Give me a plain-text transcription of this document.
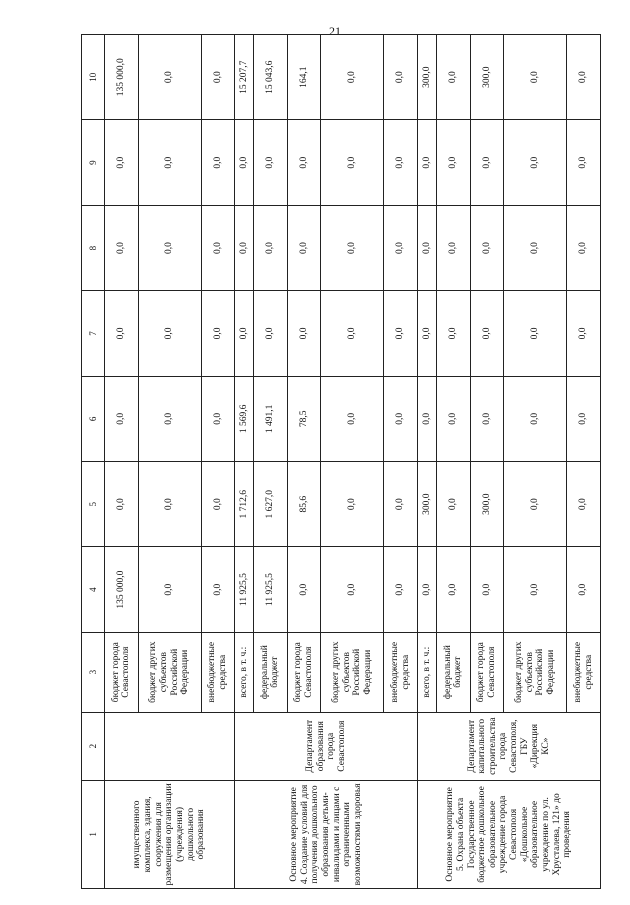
21
1	2	3	4	5	6	7	8	9	10
имущественного комплекса, здания, сооружения для размещения организации (учреждения) дошкольного образования		бюджет города Севастополя	135 000,0	0,0	0,0	0,0	0,0	0,0	135 000,0
		бюджет других субъектов Российской Федерации	0,0	0,0	0,0	0,0	0,0	0,0	0,0
		внебюджетные средства	0,0	0,0	0,0	0,0	0,0	0,0	0,0
Основное мероприятие 4. Создание условий для получения дошкольного образования детьми-инвалидами и лицами с ограниченными возможностями здоровья	Департамент образования города Севастополя	всего, в т. ч.:	11 925,5	1 712,6	1 569,6	0,0	0,0	0,0	15 207,7
		федеральный бюджет	11 925,5	1 627,0	1 491,1	0,0	0,0	0,0	15 043,6
		бюджет города Севастополя	0,0	85,6	78,5	0,0	0,0	0,0	164,1
		бюджет других субъектов Российской Федерации	0,0	0,0	0,0	0,0	0,0	0,0	0,0
		внебюджетные средства	0,0	0,0	0,0	0,0	0,0	0,0	0,0
Основное мероприятие 5. Охрана объекта Государственное бюджетное дошкольное образовательное учреждение города Севастополя «Дошкольное образовательное учреждение по ул. Хрусталева, 121» до проведения	Департамент капитального строительства города Севастополя, ГБУ «Дирекция КС»	всего, в т. ч.:	0,0	300,0	0,0	0,0	0,0	0,0	300,0
		федеральный бюджет	0,0	0,0	0,0	0,0	0,0	0,0	0,0
		бюджет города Севастополя	0,0	300,0	0,0	0,0	0,0	0,0	300,0
		бюджет других субъектов Российской Федерации	0,0	0,0	0,0	0,0	0,0	0,0	0,0
		внебюджетные средства	0,0	0,0	0,0	0,0	0,0	0,0	0,0
